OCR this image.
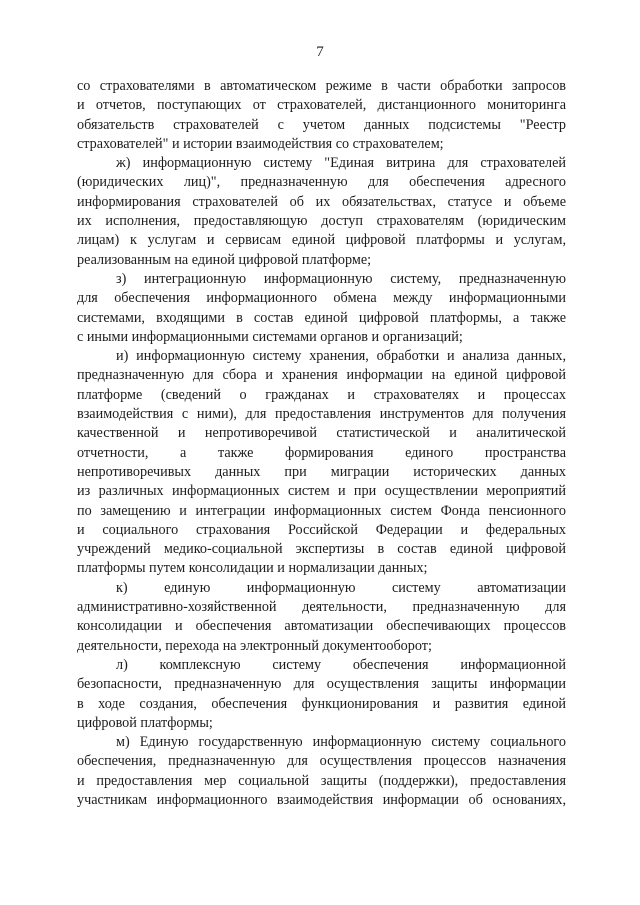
7

со страхователями в автоматическом режиме в части обработки запросов
и отчетов, поступающих от страхователей, дистанционного мониторинга
обязательств страхователей с учетом данных подсистемы "Реестр
страхователей" и истории взаимодействия со страхователем;

ж) информационную систему "Единая витрина для страхователей
(юридических лиц)", предназначенную для обеспечения адресного
информирования страхователей об их обязательствах, статусе и объеме
их исполнения, предоставляющую доступ страхователям (юридическим
лицам) к услугам и сервисам единой цифровой платформы и услугам,
реализованным на единой цифровой платформе;

з) интеграционную информационную систему, предназначенную
для обеспечения информационного обмена между информационными
системами, входящими в состав единой цифровой платформы, а также
с иными информационными системами органов и организаций;

и) информационную систему хранения, обработки и анализа данных,
предназначенную для сбора и хранения информации на единой цифровой
платформе (сведений о гражданах и страхователях и процессах
взаимодействия с ними), для предоставления инструментов для получения
качественной и непротиворечивой статистической и аналитической
отчетности, а также формирования единого пространства
непротиворечивых данных при миграции исторических данных
из различных информационных систем и при осуществлении мероприятий
по замещению и интеграции информационных систем Фонда пенсионного
и социального страхования Российской Федерации и федеральных
учреждений медико-социальной экспертизы в состав единой цифровой
платформы путем консолидации и нормализации данных;

к) единую информационную систему автоматизации
административно-хозяйственной деятельности, предназначенную для
консолидации и обеспечения автоматизации обеспечивающих процессов
деятельности, перехода на электронный документооборот;

л) комплексную систему обеспечения информационной
безопасности, предназначенную для осуществления защиты информации
в ходе создания, обеспечения функционирования и развития единой
цифровой платформы;

м) Единую государственную информационную систему социального
обеспечения, предназначенную для осуществления процессов назначения
и предоставления мер социальной защиты (поддержки), предоставления
участникам информационного взаимодействия информации об основаниях,
